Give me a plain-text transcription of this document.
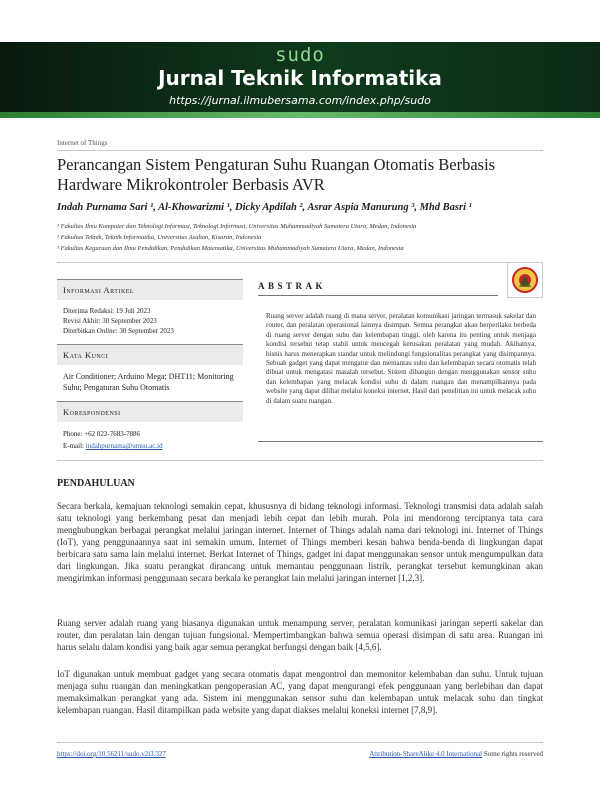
sudo
Jurnal Teknik Informatika
https://jurnal.ilmubersama.com/index.php/sudo
Internet of Things
Perancangan Sistem Pengaturan Suhu Ruangan Otomatis Berbasis Hardware Mikrokontroler Berbasis AVR
Indah Purnama Sari ¹, Al-Khowarizmi ¹, Dicky Apdilah ², Asrar Aspia Manurung ³, Mhd Basri ¹
¹ Fakultas Ilmu Komputer dan Teknologi Informasi, Teknologi Informasi, Universitas Muhammadiyah Sumatera Utara, Medan, Indonesia
² Fakultas Teknik, Teknik Informatika, Universitas Asahan, Kisaran, Indonesia
³ Fakultas Keguruan dan Ilmu Pendidikan, Pendidikan Matematika, Universitas Muhammadiyah Sumatera Utara, Medan, Indonesia
Informasi Artikel
Diterima Redaksi: 19 Juli 2023
Revisi Akhir: 30 September 2023
Diterbitkan Online: 30 September 2023
Kata Kunci
Air Conditioner; Arduino Mega; DHT11; Monitoring Suhu; Pengaturan Suhu Otomatis
Korespondensi
Phone: +62 822-7683-7886
E-mail: indahpurnama@umsu.ac.id
ABSTRAK
Ruang server adalah ruang di mana server, peralatan komunikasi jaringan termasuk sakelar dan router, dan peralatan operasional lainnya disimpan. Semua perangkat akan berperilaku berbeda di ruang server dengan suhu dan kelembapan tinggi, oleh karena itu penting untuk menjaga kondisi tersebut tetap stabil untuk mencegah kerusakan peralatan yang mudah. Akibatnya, bisnis harus menerapkan standar untuk melindungi fungsionalitas perangkat yang disimpannya. Sebuah gadget yang dapat mengatur dan memantau suhu dan kelembapan secara otomatis telah dibuat untuk mengatasi masalah tersebut. Sistem dibangun dengan menggunakan sensor suhu dan kelembapan yang melacak kondisi suhu di dalam ruangan dan menampilkannya pada website yang dapat dilihat melalui koneksi internet. Hasil dari penelitian ini untuk melacak suhu di dalam suatu ruangan.
PENDAHULUAN
Secara berkala, kemajuan teknologi semakin cepat, khususnya di bidang teknologi informasi. Teknologi transmisi data adalah salah satu teknologi yang berkembang pesat dan menjadi lebih cepat dan lebih murah. Pola ini mendorong terciptanya tata cara menghubungkan berbagai perangkat melalui jaringan internet. Internet of Things adalah nama dari teknologi ini. Internet of Things (IoT), yang penggunaannya saat ini semakin umum. Internet of Things memberi kesan bahwa benda-benda di lingkungan dapat berbicara satu sama lain melalui internet. Berkat Internet of Things, gadget ini dapat menggunakan sensor untuk mengumpulkan data dari lingkungan. Jika suatu perangkat dirancang untuk memantau penggunaan listrik, perangkat tersebut kemungkinan akan mengirimkan informasi penggunaan secara berkala ke perangkat lain melalui jaringan internet [1,2,3].
Ruang server adalah ruang yang biasanya digunakan untuk menampung server, peralatan komunikasi jaringan seperti sakelar dan router, dan peralatan lain dengan tujuan fungsional. Mempertimbangkan bahwa semua operasi disimpan di satu area. Ruangan ini harus selalu dalam kondisi yang baik agar semua perangkat berfungsi dengan baik [4,5,6].
IoT digunakan untuk membuat gadget yang secara otomatis dapat mengontrol dan memonitor kelembaban dan suhu. Untuk tujuan menjaga suhu ruangan dan meningkatkan pengoperasian AC, yang dapat mengurangi efek penggunaan yang berlebihan dan dapat memaksimalkan perangkat yang ada. Sistem ini menggunakan sensor suhu dan kelembapan untuk melacak suhu dan tingkat kelembapan ruangan. Hasil ditampilkan pada website yang dapat diakses melalui koneksi internet [7,8,9].
https://doi.org/10.56211/sudo.v2i3.327	Attribution-ShareAlike 4.0 International Some rights reserved
